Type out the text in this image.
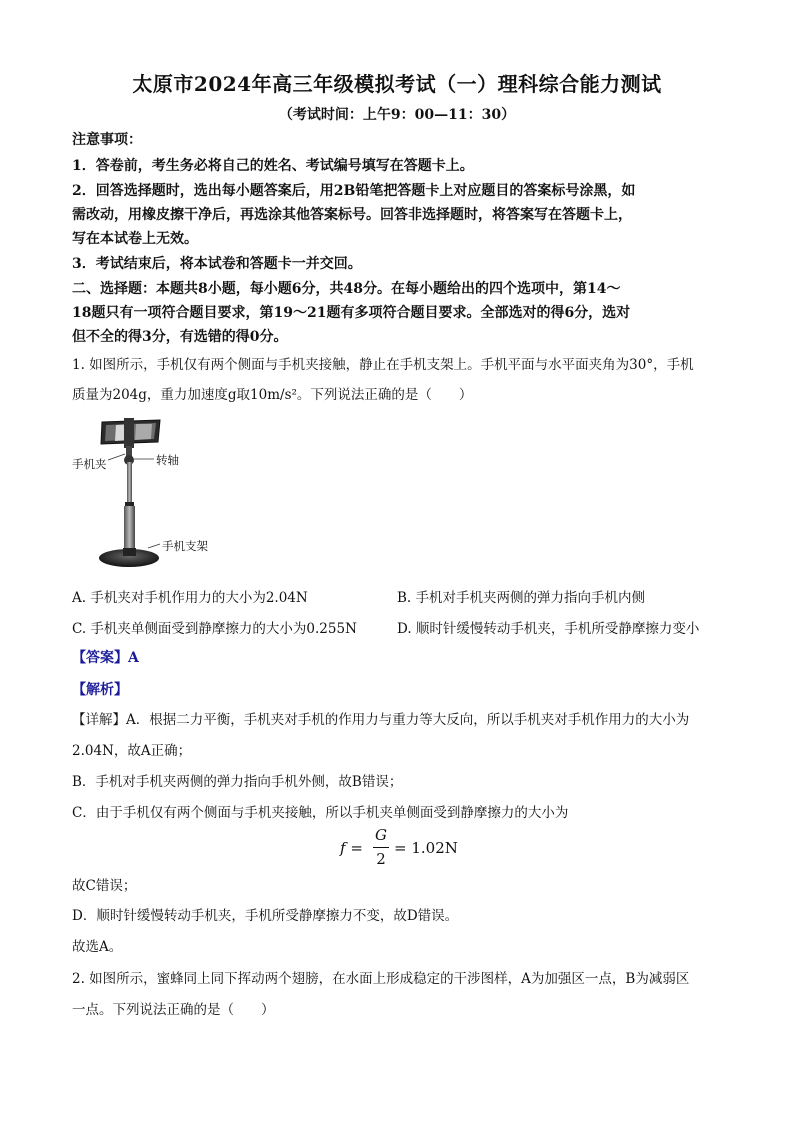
太原市2024年高三年级模拟考试（一）理科综合能力测试
（考试时间：上午9：00—11：30）
注意事项：
1．答卷前，考生务必将自己的姓名、考试编号填写在答题卡上。
2．回答选择题时，选出每小题答案后，用2B铅笔把答题卡上对应题目的答案标号涂黑，如
需改动，用橡皮擦干净后，再选涂其他答案标号。回答非选择题时，将答案写在答题卡上，
写在本试卷上无效。
3．考试结束后，将本试卷和答题卡一并交回。
二、选择题：本题共8小题，每小题6分，共48分。在每小题给出的四个选项中，第14～
18题只有一项符合题目要求，第19～21题有多项符合题目要求。全部选对的得6分，选对
但不全的得3分，有选错的得0分。
1. 如图所示，手机仅有两个侧面与手机夹接触，静止在手机支架上。手机平面与水平面夹角为30°，手机
质量为204g，重力加速度g取10m/s²。下列说法正确的是（　　）
手机夹	转轴
手机支架
A. 手机夹对手机作用力的大小为2.04N	B. 手机对手机夹两侧的弹力指向手机内侧
C. 手机夹单侧面受到静摩擦力的大小为0.255N	D. 顺时针缓慢转动手机夹，手机所受静摩擦力变小
【答案】A
【解析】
【详解】A．根据二力平衡，手机夹对手机的作用力与重力等大反向，所以手机夹对手机作用力的大小为
2.04N，故A正确；
B．手机对手机夹两侧的弹力指向手机外侧，故B错误；
C．由于手机仅有两个侧面与手机夹接触，所以手机夹单侧面受到静摩擦力的大小为
f =
G
2
= 1.02N
故C错误；
D．顺时针缓慢转动手机夹，手机所受静摩擦力不变，故D错误。
故选A。
2. 如图所示，蜜蜂同上同下挥动两个翅膀，在水面上形成稳定的干涉图样，A为加强区一点，B为减弱区
一点。下列说法正确的是（　　）
